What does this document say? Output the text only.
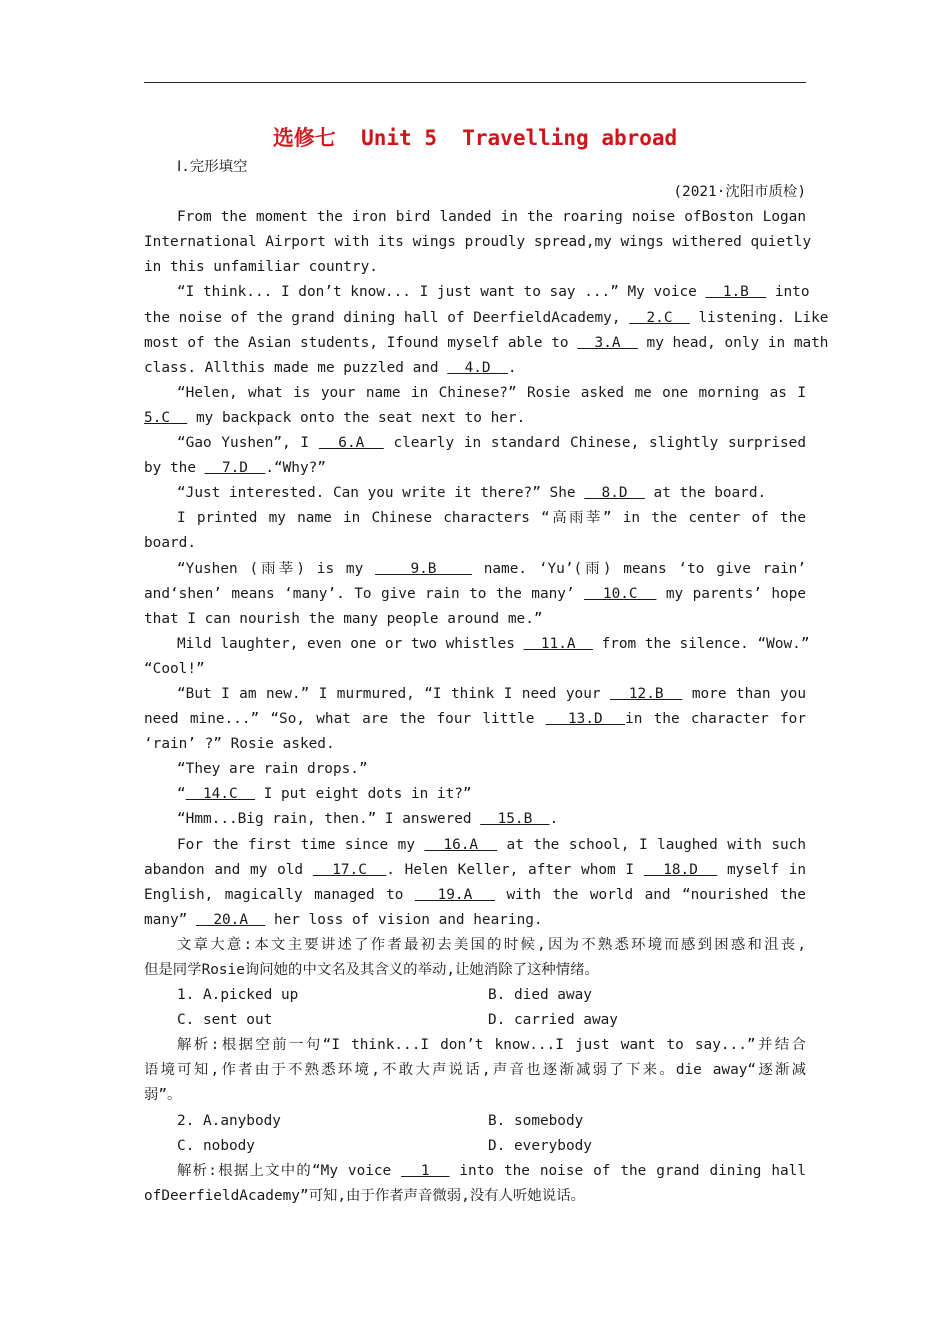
选修七  Unit 5  Travelling abroad
Ⅰ.完形填空
(2021·沈阳市质检)
From the moment the iron bird landed in the roaring noise ofBoston Logan
International Airport with its wings proudly spread,my wings withered quietly
in this unfamiliar country.
“I think... I don’t know... I just want to say ...” My voice   1.B   into
the noise of the grand dining hall of DeerfieldAcademy,   2.C   listening. Like
most of the Asian students, Ifound myself able to   3.A   my head, only in math
class. Allthis made me puzzled and   4.D  .
“Helen, what is your name in Chinese?” Rosie asked me one morning as I
5.C   my backpack onto the seat next to her.
“Gao Yushen”, I   6.A   clearly in standard Chinese, slightly surprised
by the   7.D  .“Why?”
“Just interested. Can you write it there?” She   8.D   at the board.
I printed my name in Chinese characters “高雨莘” in the center of the
board.
“Yushen (雨莘) is my    9.B    name. ‘Yu’(雨) means ‘to give rain’
and‘shen’ means ‘many’. To give rain to the many’   10.C   my parents’ hope
that I can nourish the many people around me.”
Mild laughter, even one or two whistles   11.A   from the silence. “Wow.”
“Cool!”
“But I am new.” I murmured, “I think I need your   12.B   more than you
need mine...” “So, what are the four little   13.D  in the character for
‘rain’ ?” Rosie asked.
“They are rain drops.”
“  14.C   I put eight dots in it?”
“Hmm...Big rain, then.” I answered   15.B  .
For the first time since my   16.A   at the school, I laughed with such
abandon and my old   17.C  . Helen Keller, after whom I   18.D   myself in
English, magically managed to   19.A   with the world and “nourished the
many”   20.A   her loss of vision and hearing.
文章大意:本文主要讲述了作者最初去美国的时候,因为不熟悉环境而感到困惑和沮丧,
但是同学Rosie询问她的中文名及其含义的举动,让她消除了这种情绪。
1. A.picked up	B. died away
C. sent out	D. carried away
解析:根据空前一句“I think...I don’t know...I just want to say...”并结合
语境可知,作者由于不熟悉环境,不敢大声说话,声音也逐渐减弱了下来。die away“逐渐减
弱”。
2. A.anybody	B. somebody
C. nobody	D. everybody
解析:根据上文中的“My voice   1   into the noise of the grand dining hall
ofDeerfieldAcademy”可知,由于作者声音微弱,没有人听她说话。
